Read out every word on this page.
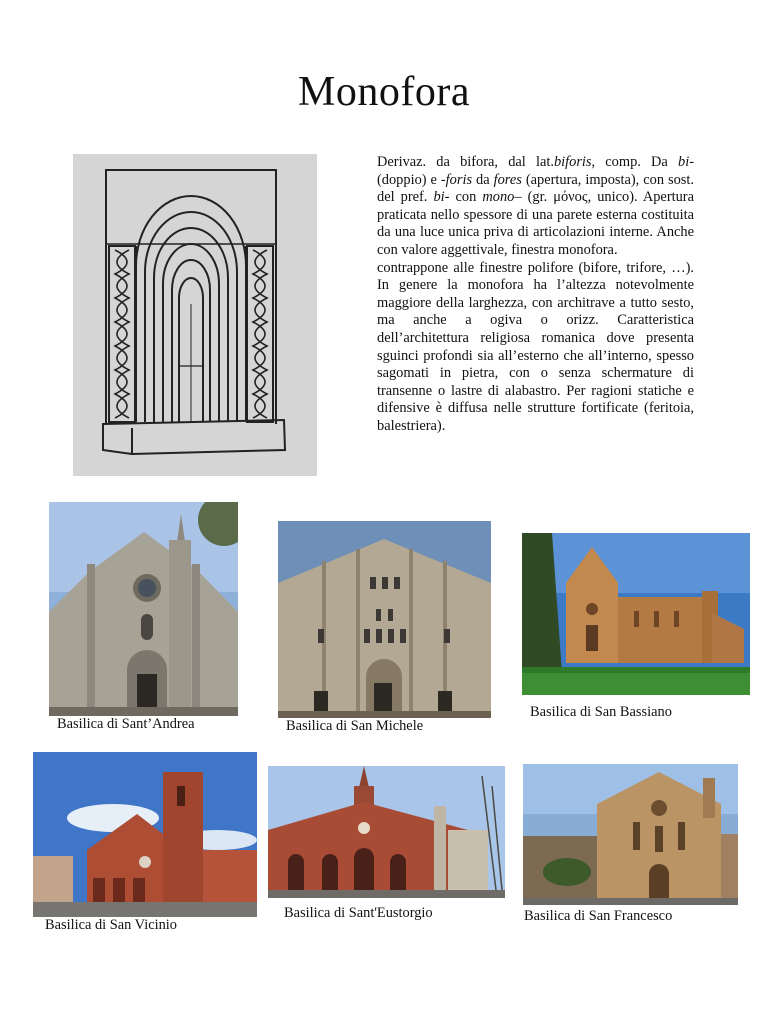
Monofora

Derivaz. da bifora, dal lat.biforis, comp. Da bi- (doppio) e -foris da fores (apertura, imposta), con sost. del pref. bi- con mono– (gr. μόνος, unico). Apertura praticata nello spessore di una parete esterna costituita da una luce unica priva di articolazioni interne. Anche con valore aggettivale, finestra monofora.

contrappone alle finestre polifore (bifore, trifore, …). In genere la monofora ha l’altezza notevolmente maggiore della larghezza, con architrave a tutto sesto, ma anche a ogiva o orizz. Caratteristica dell’architettura religiosa romanica dove presenta sguinci profondi sia all’esterno che all’interno, spesso sagomati in pietra, con o senza schermature di transenne o lastre di alabastro. Per ragioni statiche e difensive è diffusa nelle strutture fortificate (feritoia, balestriera).

Basilica di Sant’Andrea	Basilica di San Michele
Basilica di San Bassiano
Basilica di San Vicinio
Basilica di Sant'Eustorgio	Basilica di San Francesco
